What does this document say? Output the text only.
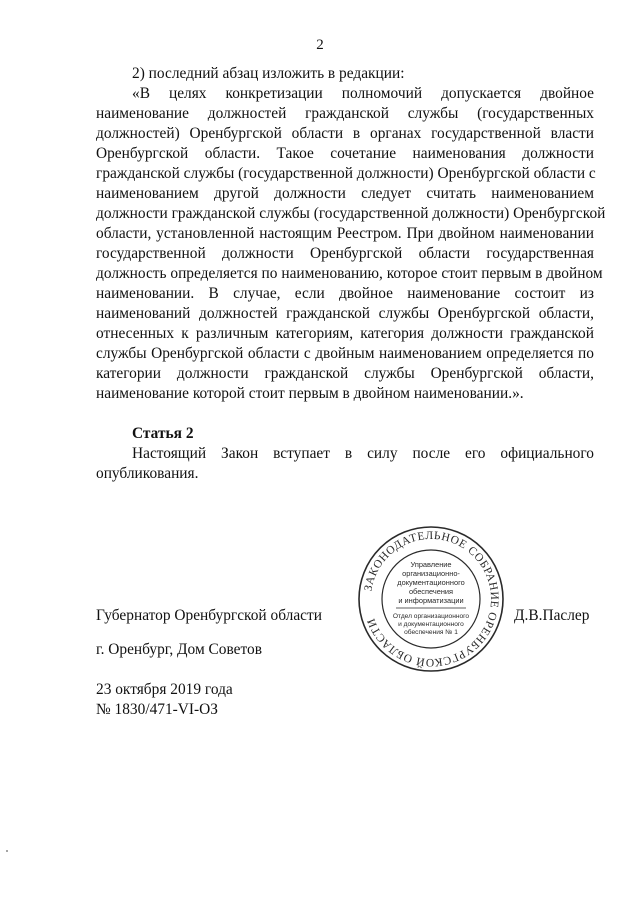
2
2) последний абзац изложить в редакции:
«В целях конкретизации полномочий допускается двойное
наименование должностей гражданской службы (государственных
должностей) Оренбургской области в органах государственной власти
Оренбургской области. Такое сочетание наименования должности
гражданской службы (государственной должности) Оренбургской области с
наименованием другой должности следует считать наименованием
должности гражданской службы (государственной должности) Оренбургской
области, установленной настоящим Реестром. При двойном наименовании
государственной должности Оренбургской области государственная
должность определяется по наименованию, которое стоит первым в двойном
наименовании. В случае, если двойное наименование состоит из
наименований должностей гражданской службы Оренбургской области,
отнесенных к различным категориям, категория должности гражданской
службы Оренбургской области с двойным наименованием определяется по
категории должности гражданской службы Оренбургской области,
наименование которой стоит первым в двойном наименовании.».
Статья 2
Настоящий Закон вступает в силу после его официального
опубликования.
Губернатор Оренбургской области	Д.В.Паслер
г. Оренбург, Дом Советов
23 октября 2019 года
№ 1830/471-VI-ОЗ
ЗАКОНОДАТЕЛЬНОЕ СОБРАНИЕ ОРЕНБУРГСКОЙ ОБЛАСТИ
Управление
организационно-
документационного
обеспечения
и информатизации
Отдел организационного
и документационного
обеспечения № 1
